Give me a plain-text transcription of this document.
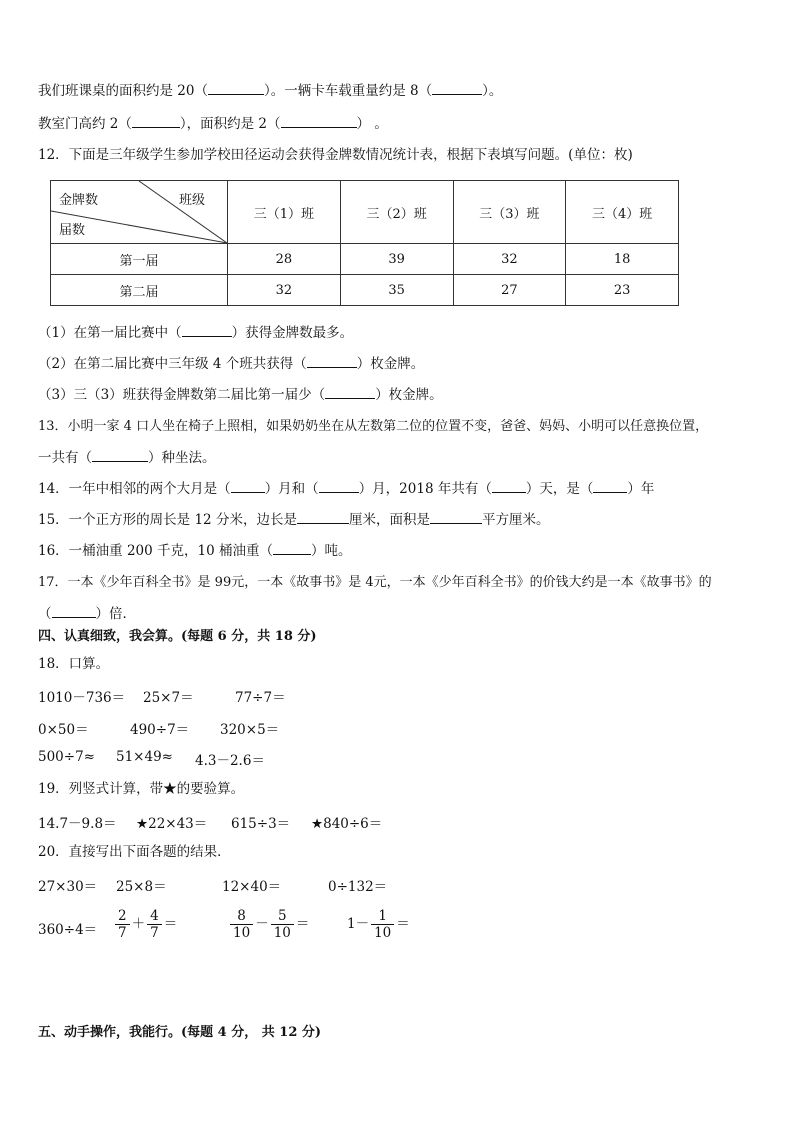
我们班课桌的面积约是 20（	）。一辆卡车载重量约是 8（	）。
教室门高约 2（	），面积约是 2（	） 。
12．下面是三年级学生参加学校田径运动会获得金牌数情况统计表，根据下表填写问题。(单位：枚)
金牌数 班级
届数	三（1）班	三（2）班	三（3）班	三（4）班
第一届	28	39	32	18
第二届	32	35	27	23
（1）在第一届比赛中（	）获得金牌数最多。
（2）在第二届比赛中三年级 4 个班共获得（	）枚金牌。
（3）三（3）班获得金牌数第二届比第一届少（	）枚金牌。
13．小明一家 4 口人坐在椅子上照相，如果奶奶坐在从左数第二位的位置不变，爸爸、妈妈、小明可以任意换位置，
一共有（	）种坐法。
14．一年中相邻的两个大月是（	）月和（	）月，2018 年共有（	）天，是（	）年
15．一个正方形的周长是 12 分米，边长是	厘米，面积是	平方厘米。
16．一桶油重 200 千克，10 桶油重（	）吨。
17．一本《少年百科全书》是 99元，一本《故事书》是 4元，一本《少年百科全书》的价钱大约是一本《故事书》的
（	）倍．
四、认真细致，我会算。(每题 6 分，共 18 分)
18．口算。
1010－736＝ 25×7＝	77÷7＝
0×50＝	490÷7＝ 320×5＝
500÷7≈ 51×49≈ 4.3－2.6＝
19．列竖式计算，带★的要验算。
14.7－9.8＝ ★22×43＝ 615÷3＝ ★840÷6＝
20．直接写出下面各题的结果．
27×30＝ 25×8＝	12×40＝	0÷132＝
$360\div 4= \frac{2}{7} + \frac{4}{7}$ ＝	$\frac{8}{10} - \frac{5}{10}$ ＝	$1- \frac{1}{10}$ ＝
五、动手操作，我能行。(每题 4 分， 共 12 分)
